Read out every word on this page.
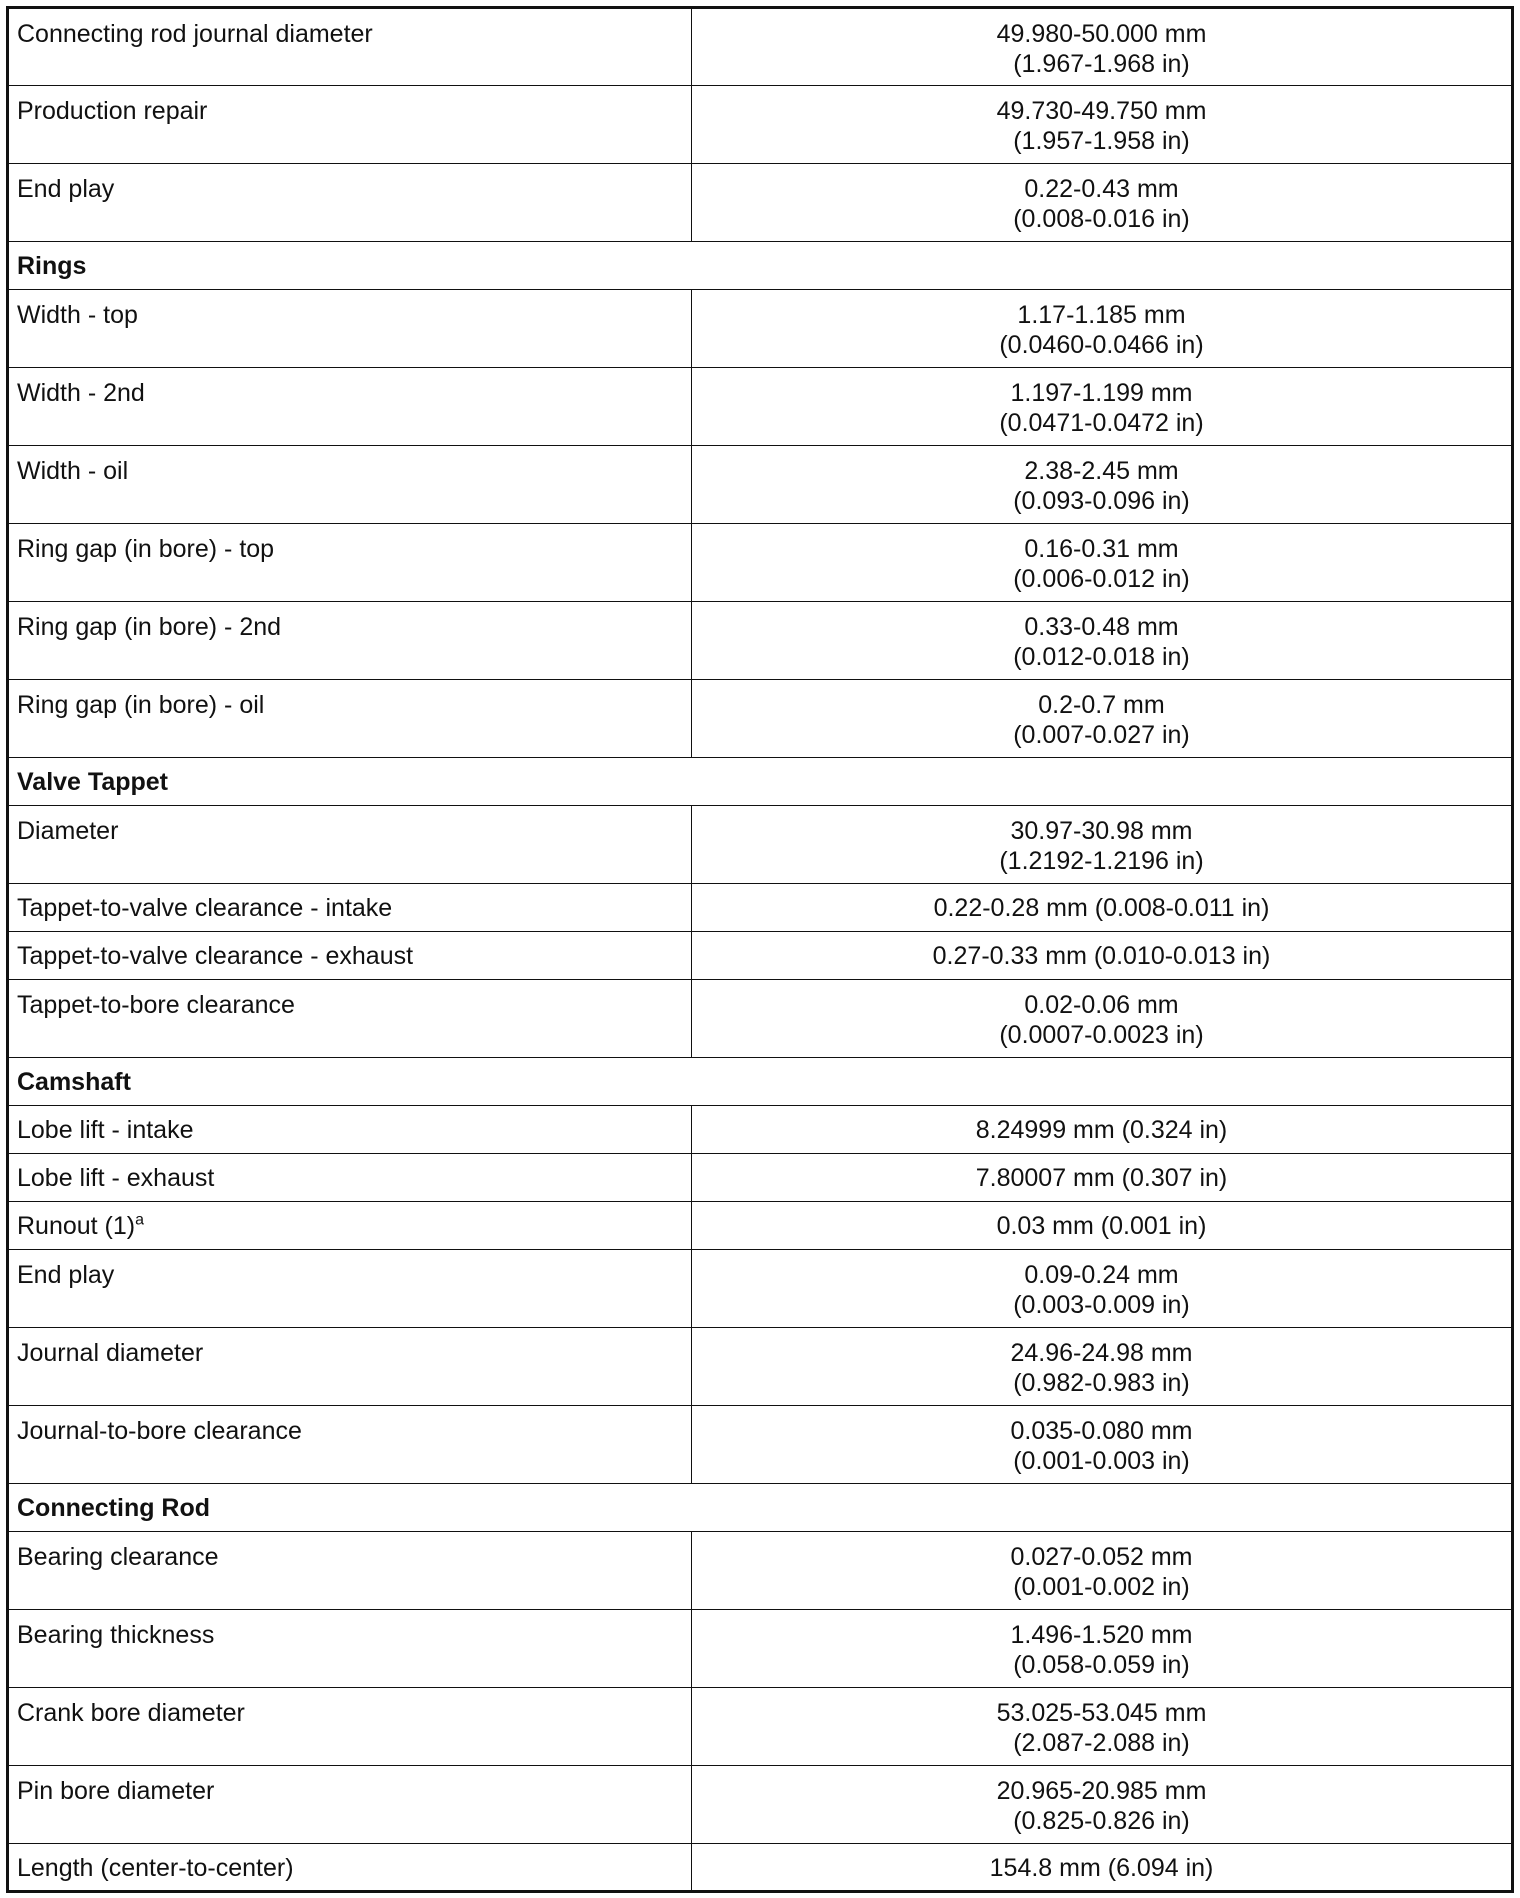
Connecting rod journal diameter	49.980-50.000 mm
(1.967-1.968 in)

Production repair	49.730-49.750 mm
(1.957-1.958 in)

End play	0.22-0.43 mm
(0.008-0.016 in)

Rings	
Width - top	1.17-1.185 mm
(0.0460-0.0466 in)

Width - 2nd	1.197-1.199 mm
(0.0471-0.0472 in)

Width - oil	2.38-2.45 mm
(0.093-0.096 in)

Ring gap (in bore) - top	0.16-0.31 mm
(0.006-0.012 in)

Ring gap (in bore) - 2nd	0.33-0.48 mm
(0.012-0.018 in)

Ring gap (in bore) - oil	0.2-0.7 mm
(0.007-0.027 in)

Valve Tappet	
Diameter	30.97-30.98 mm
(1.2192-1.2196 in)

Tappet-to-valve clearance - intake	0.22-0.28 mm (0.008-0.011 in)

Tappet-to-valve clearance - exhaust	0.27-0.33 mm (0.010-0.013 in)

Tappet-to-bore clearance	0.02-0.06 mm
(0.0007-0.0023 in)

Camshaft	
Lobe lift - intake	8.24999 mm (0.324 in)

Lobe lift - exhaust	7.80007 mm (0.307 in)

Runout $(1)^a$	0.03 mm (0.001 in)

End play	0.09-0.24 mm
(0.003-0.009 in)

Journal diameter	24.96-24.98 mm
(0.982-0.983 in)

Journal-to-bore clearance	0.035-0.080 mm
(0.001-0.003 in)

Connecting Rod	
Bearing clearance	0.027-0.052 mm
(0.001-0.002 in)

Bearing thickness	1.496-1.520 mm
(0.058-0.059 in)

Crank bore diameter	53.025-53.045 mm
(2.087-2.088 in)

Pin bore diameter	20.965-20.985 mm
(0.825-0.826 in)

Length (center-to-center)	154.8 mm (6.094 in)
